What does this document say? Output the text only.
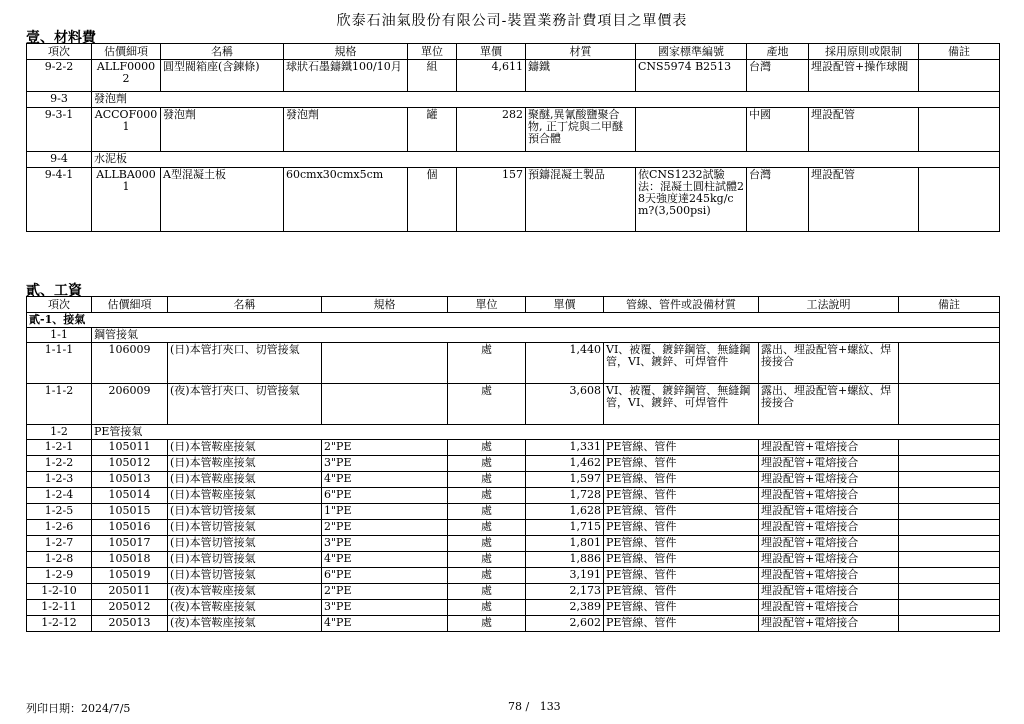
欣泰石油氣股份有限公司-裝置業務計費項目之單價表
壹、材料費
項次	估價細項	名稱	規格	單位	單價	材質	國家標準編號	產地	採用原則或限制	備註
9-2-2	ALLF00002	圓型閥箱座(含鍊條)	球狀石墨鑄鐵100/10月	組	4,611	鑄鐵	CNS5974 B2513	台灣	埋設配管+操作球閥	
9-3	發泡劑									
9-3-1	ACCOF0001	發泡劑	發泡劑	罐	282	聚醚,異氰酸鹽聚合物, 正丁烷與二甲醚預合體		中國	埋設配管	
9-4	水泥板									
9-4-1	ALLBA0001	A型混凝土板	60cmx30cmx5cm	個	157	預鑄混凝土製品	依CNS1232試驗法：混凝土圓柱試體28天強度達245kg/cm?(3,500psi)	台灣	埋設配管	
貳、工資
項次	估價細項	名稱	規格	單位	單價	管線、管件或設備材質	工法說明	備註
貳-1、接氣								
1-1	鋼管接氣							
1-1-1	106009	(日)本管打夾口、切管接氣		處	1,440	VI、被覆、鍍鋅鋼管、無縫鋼管，VI、鍍鋅、可焊管件	露出、埋設配管+螺紋、焊接接合	
1-1-2	206009	(夜)本管打夾口、切管接氣		處	3,608	VI、被覆、鍍鋅鋼管、無縫鋼管，VI、鍍鋅、可焊管件	露出、埋設配管+螺紋、焊接接合	
1-2	PE管接氣							
1-2-1	105011	(日)本管鞍座接氣	2"PE	處	1,331	PE管線、管件	埋設配管+電熔接合	
1-2-2	105012	(日)本管鞍座接氣	3"PE	處	1,462	PE管線、管件	埋設配管+電熔接合	
1-2-3	105013	(日)本管鞍座接氣	4"PE	處	1,597	PE管線、管件	埋設配管+電熔接合	
1-2-4	105014	(日)本管鞍座接氣	6"PE	處	1,728	PE管線、管件	埋設配管+電熔接合	
1-2-5	105015	(日)本管切管接氣	1"PE	處	1,628	PE管線、管件	埋設配管+電熔接合	
1-2-6	105016	(日)本管切管接氣	2"PE	處	1,715	PE管線、管件	埋設配管+電熔接合	
1-2-7	105017	(日)本管切管接氣	3"PE	處	1,801	PE管線、管件	埋設配管+電熔接合	
1-2-8	105018	(日)本管切管接氣	4"PE	處	1,886	PE管線、管件	埋設配管+電熔接合	
1-2-9	105019	(日)本管切管接氣	6"PE	處	3,191	PE管線、管件	埋設配管+電熔接合	
1-2-10	205011	(夜)本管鞍座接氣	2"PE	處	2,173	PE管線、管件	埋設配管+電熔接合	
1-2-11	205012	(夜)本管鞍座接氣	3"PE	處	2,389	PE管線、管件	埋設配管+電熔接合	
1-2-12	205013	(夜)本管鞍座接氣	4"PE	處	2,602	PE管線、管件	埋設配管+電熔接合	
列印日期：2024/7/5	78 /   133
